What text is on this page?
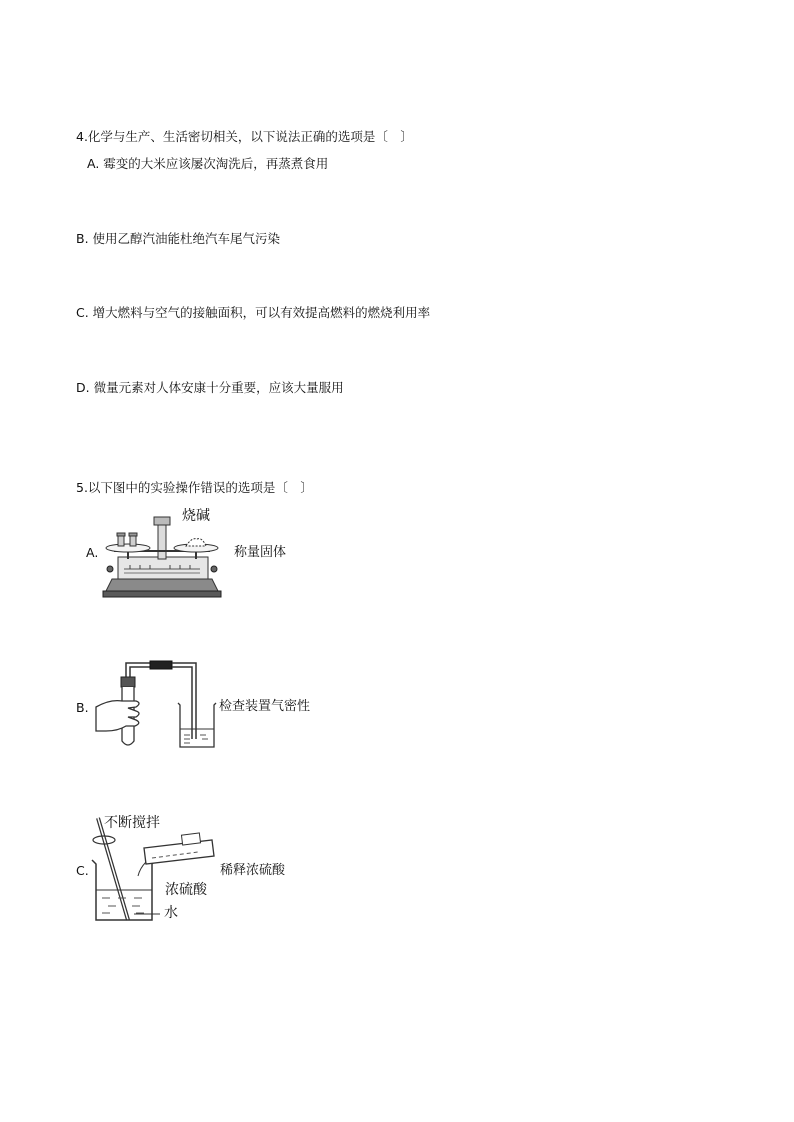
4.化学与生产、生活密切相关，以下说法正确的选项是〔　〕
A. 霉变的大米应该屡次淘洗后，再蒸煮食用
B. 使用乙醇汽油能杜绝汽车尾气污染
C. 增大燃料与空气的接触面积，可以有效提高燃料的燃烧利用率
D. 微量元素对人体安康十分重要，应该大量服用
5.以下图中的实验操作错误的选项是〔　〕
A.
烧碱
称量固体
B.	检查装置气密性
C.
不断搅拌
浓硫酸
水
稀释浓硫酸
